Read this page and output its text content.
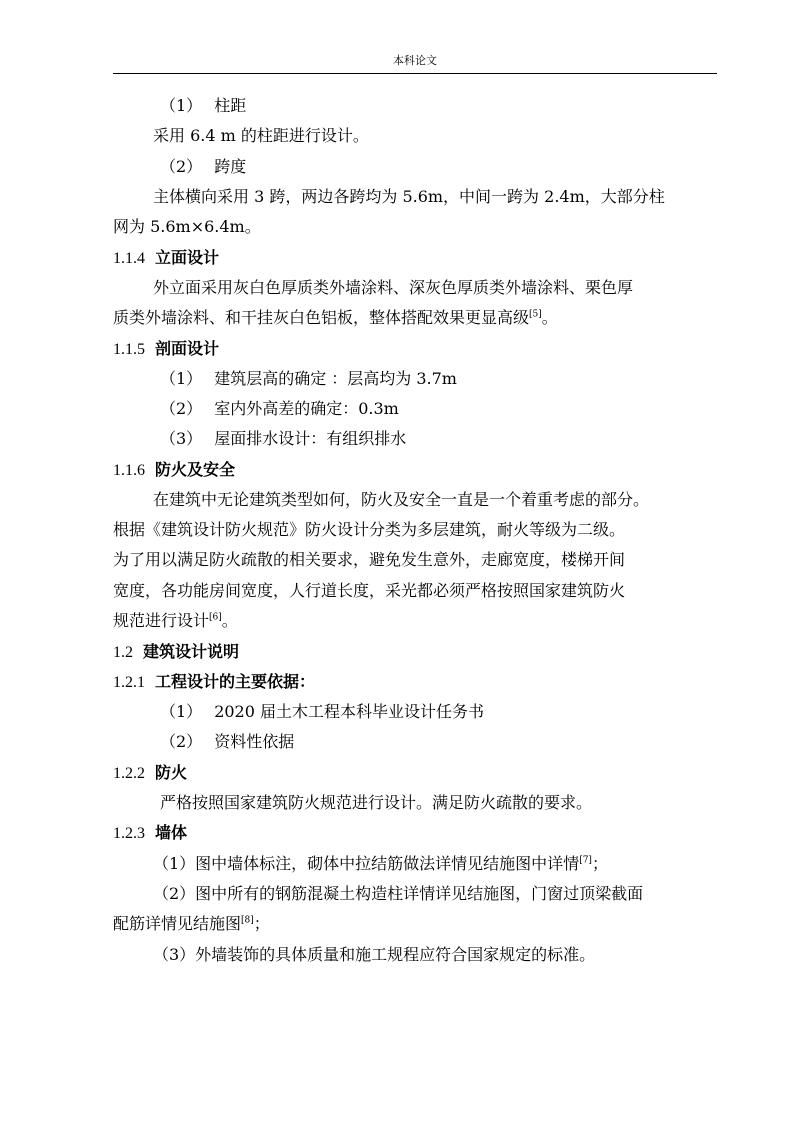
本科论文
（1） 柱距
采用 6.4 m 的柱距进行设计。
（2） 跨度
主体横向采用 3 跨，两边各跨均为 5.6m，中间一跨为 2.4m，大部分柱
网为 5.6m×6.4m。
1.1.4 立面设计
外立面采用灰白色厚质类外墙涂料、深灰色厚质类外墙涂料、栗色厚
质类外墙涂料、和干挂灰白色铝板，整体搭配效果更显高级[5]。
1.1.5 剖面设计
（1） 建筑层高的确定 ：层高均为 3.7m
（2） 室内外高差的确定：0.3m
（3） 屋面排水设计：有组织排水
1.1.6 防火及安全
在建筑中无论建筑类型如何，防火及安全一直是一个着重考虑的部分。
根据《建筑设计防火规范》防火设计分类为多层建筑，耐火等级为二级。
为了用以满足防火疏散的相关要求，避免发生意外，走廊宽度，楼梯开间
宽度，各功能房间宽度，人行道长度，采光都必须严格按照国家建筑防火
规范进行设计[6]。
1.2 建筑设计说明
1.2.1 工程设计的主要依据：
（1） 2020 届土木工程本科毕业设计任务书
（2） 资料性依据
1.2.2 防火
严格按照国家建筑防火规范进行设计。满足防火疏散的要求。
1.2.3 墙体
（1）图中墙体标注，砌体中拉结筋做法详情见结施图中详情[7]；
（2）图中所有的钢筋混凝土构造柱详情详见结施图，门窗过顶梁截面
配筋详情见结施图[8]；
（3）外墙装饰的具体质量和施工规程应符合国家规定的标准。
